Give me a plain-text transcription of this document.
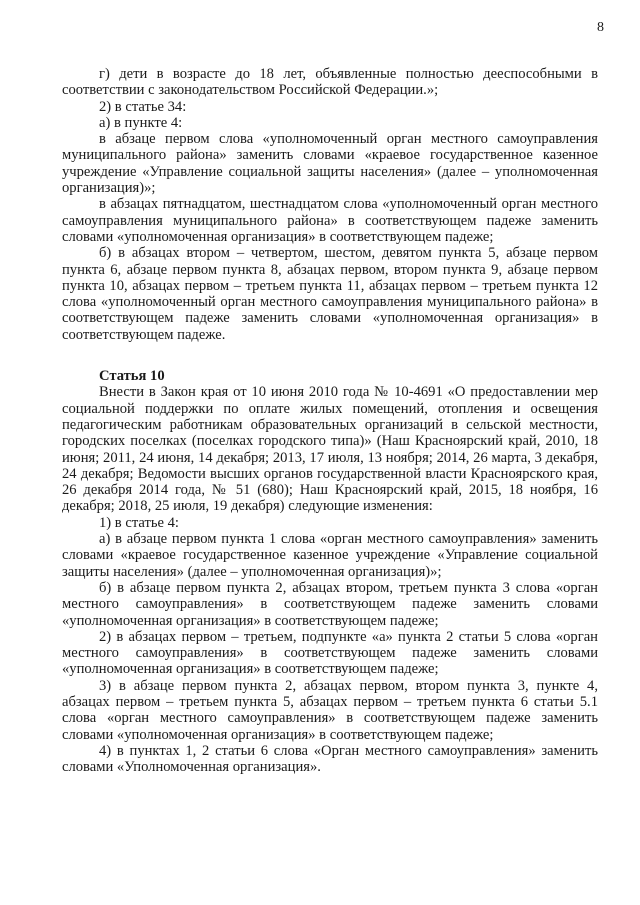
8

г) дети в возрасте до 18 лет, объявленные полностью дееспособными в соответствии с законодательством Российской Федерации.»;

2) в статье 34:

а) в пункте 4:

в абзаце первом слова «уполномоченный орган местного самоуправления муниципального района» заменить словами «краевое государственное казенное учреждение «Управление социальной защиты населения» (далее – уполномоченная организация)»;

в абзацах пятнадцатом, шестнадцатом слова «уполномоченный орган местного самоуправления муниципального района» в соответствующем падеже заменить словами «уполномоченная организация» в соответствующем падеже;

б) в абзацах втором – четвертом, шестом, девятом пункта 5, абзаце первом пункта 6, абзаце первом пункта 8, абзацах первом, втором пункта 9, абзаце первом пункта 10, абзацах первом – третьем пункта 11, абзацах первом – третьем пункта 12 слова «уполномоченный орган местного самоуправления муниципального района» в соответствующем падеже заменить словами «уполномоченная организация» в соответствующем падеже.

Статья 10

Внести в Закон края от 10 июня 2010 года № 10-4691 «О предоставлении мер социальной поддержки по оплате жилых помещений, отопления и освещения педагогическим работникам образовательных организаций в сельской местности, городских поселках (поселках городского типа)» (Наш Красноярский край, 2010, 18 июня; 2011, 24 июня, 14 декабря; 2013, 17 июля, 13 ноября; 2014, 26 марта, 3 декабря, 24 декабря; Ведомости высших органов государственной власти Красноярского края, 26 декабря 2014 года, № 51 (680); Наш Красноярский край, 2015, 18 ноября, 16 декабря; 2018, 25 июля, 19 декабря) следующие изменения:

1) в статье 4:

а) в абзаце первом пункта 1 слова «орган местного самоуправления» заменить словами «краевое государственное казенное учреждение «Управление социальной защиты населения» (далее – уполномоченная организация)»;

б) в абзаце первом пункта 2, абзацах втором, третьем пункта 3 слова «орган местного самоуправления» в соответствующем падеже заменить словами «уполномоченная организация» в соответствующем падеже;

2) в абзацах первом – третьем, подпункте «а» пункта 2 статьи 5 слова «орган местного самоуправления» в соответствующем падеже заменить словами «уполномоченная организация» в соответствующем падеже;

3) в абзаце первом пункта 2, абзацах первом, втором пункта 3, пункте 4, абзацах первом – третьем пункта 5, абзацах первом – третьем пункта 6 статьи 5.1 слова «орган местного самоуправления» в соответствующем падеже заменить словами «уполномоченная организация» в соответствующем падеже;

4) в пунктах 1, 2 статьи 6 слова «Орган местного самоуправления» заменить словами «Уполномоченная организация».
